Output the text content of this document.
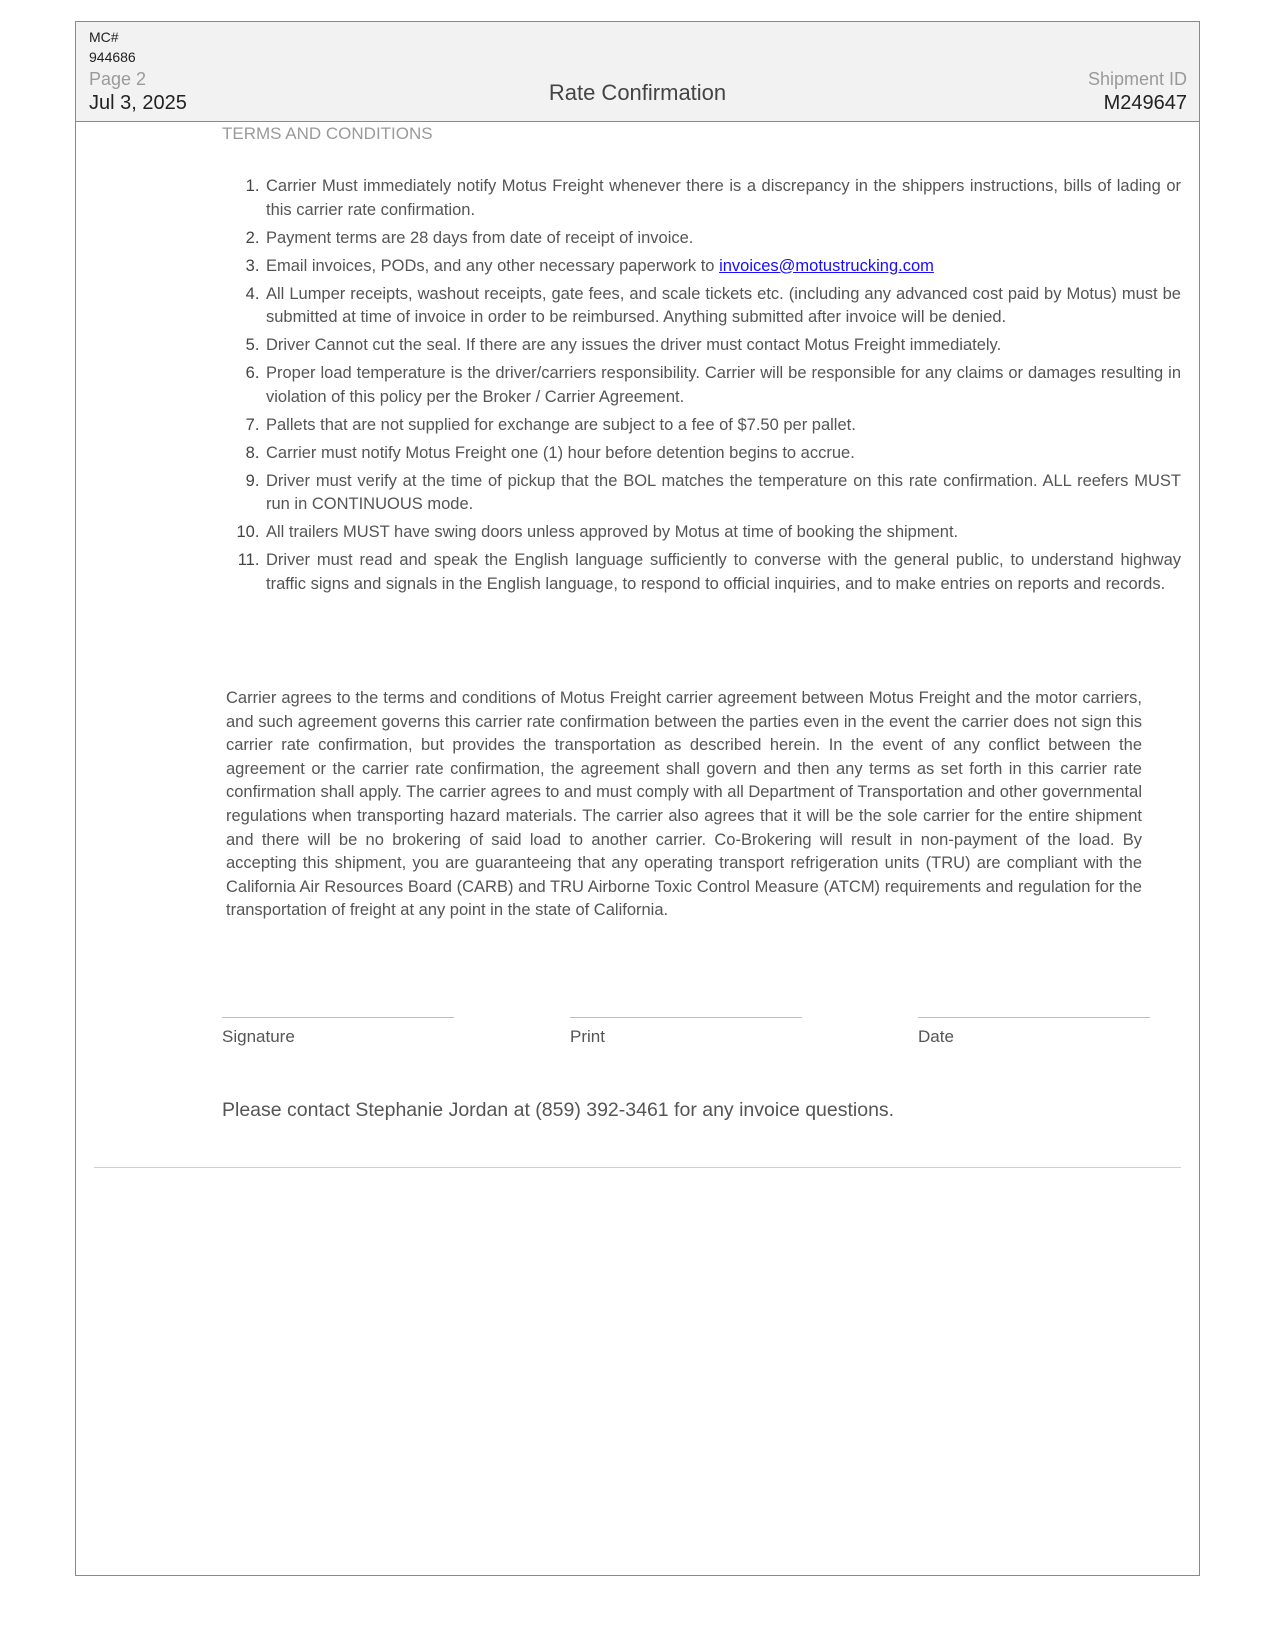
MC#
944686
Page 2
Jul 3, 2025	Rate Confirmation
Shipment ID
M249647
TERMS AND CONDITIONS
1. Carrier Must immediately notify Motus Freight whenever there is a discrepancy in the shippers instructions, bills of lading or this carrier rate confirmation.
2. Payment terms are 28 days from date of receipt of invoice.
3. Email invoices, PODs, and any other necessary paperwork to invoices@motustrucking.com
4. All Lumper receipts, washout receipts, gate fees, and scale tickets etc. (including any advanced cost paid by Motus) must be submitted at time of invoice in order to be reimbursed. Anything submitted after invoice will be denied.
5. Driver Cannot cut the seal. If there are any issues the driver must contact Motus Freight immediately.
6. Proper load temperature is the driver/carriers responsibility. Carrier will be responsible for any claims or damages resulting in violation of this policy per the Broker / Carrier Agreement.
7. Pallets that are not supplied for exchange are subject to a fee of $7.50 per pallet.
8. Carrier must notify Motus Freight one (1) hour before detention begins to accrue.
9. Driver must verify at the time of pickup that the BOL matches the temperature on this rate confirmation. ALL reefers MUST run in CONTINUOUS mode.
10. All trailers MUST have swing doors unless approved by Motus at time of booking the shipment.
11. Driver must read and speak the English language sufficiently to converse with the general public, to understand highway traffic signs and signals in the English language, to respond to official inquiries, and to make entries on reports and records.

Carrier agrees to the terms and conditions of Motus Freight carrier agreement between Motus Freight and the motor carriers, and such agreement governs this carrier rate confirmation between the parties even in the event the carrier does not sign this carrier rate confirmation, but provides the transportation as described herein. In the event of any conflict between the agreement or the carrier rate confirmation, the agreement shall govern and then any terms as set forth in this carrier rate confirmation shall apply. The carrier agrees to and must comply with all Department of Transportation and other governmental regulations when transporting hazard materials. The carrier also agrees that it will be the sole carrier for the entire shipment and there will be no brokering of said load to another carrier. Co-Brokering will result in non-payment of the load. By accepting this shipment, you are guaranteeing that any operating transport refrigeration units (TRU) are compliant with the California Air Resources Board (CARB) and TRU Airborne Toxic Control Measure (ATCM) requirements and regulation for the transportation of freight at any point in the state of California.

Signature	Print	Date
Please contact Stephanie Jordan at (859) 392-3461 for any invoice questions.
